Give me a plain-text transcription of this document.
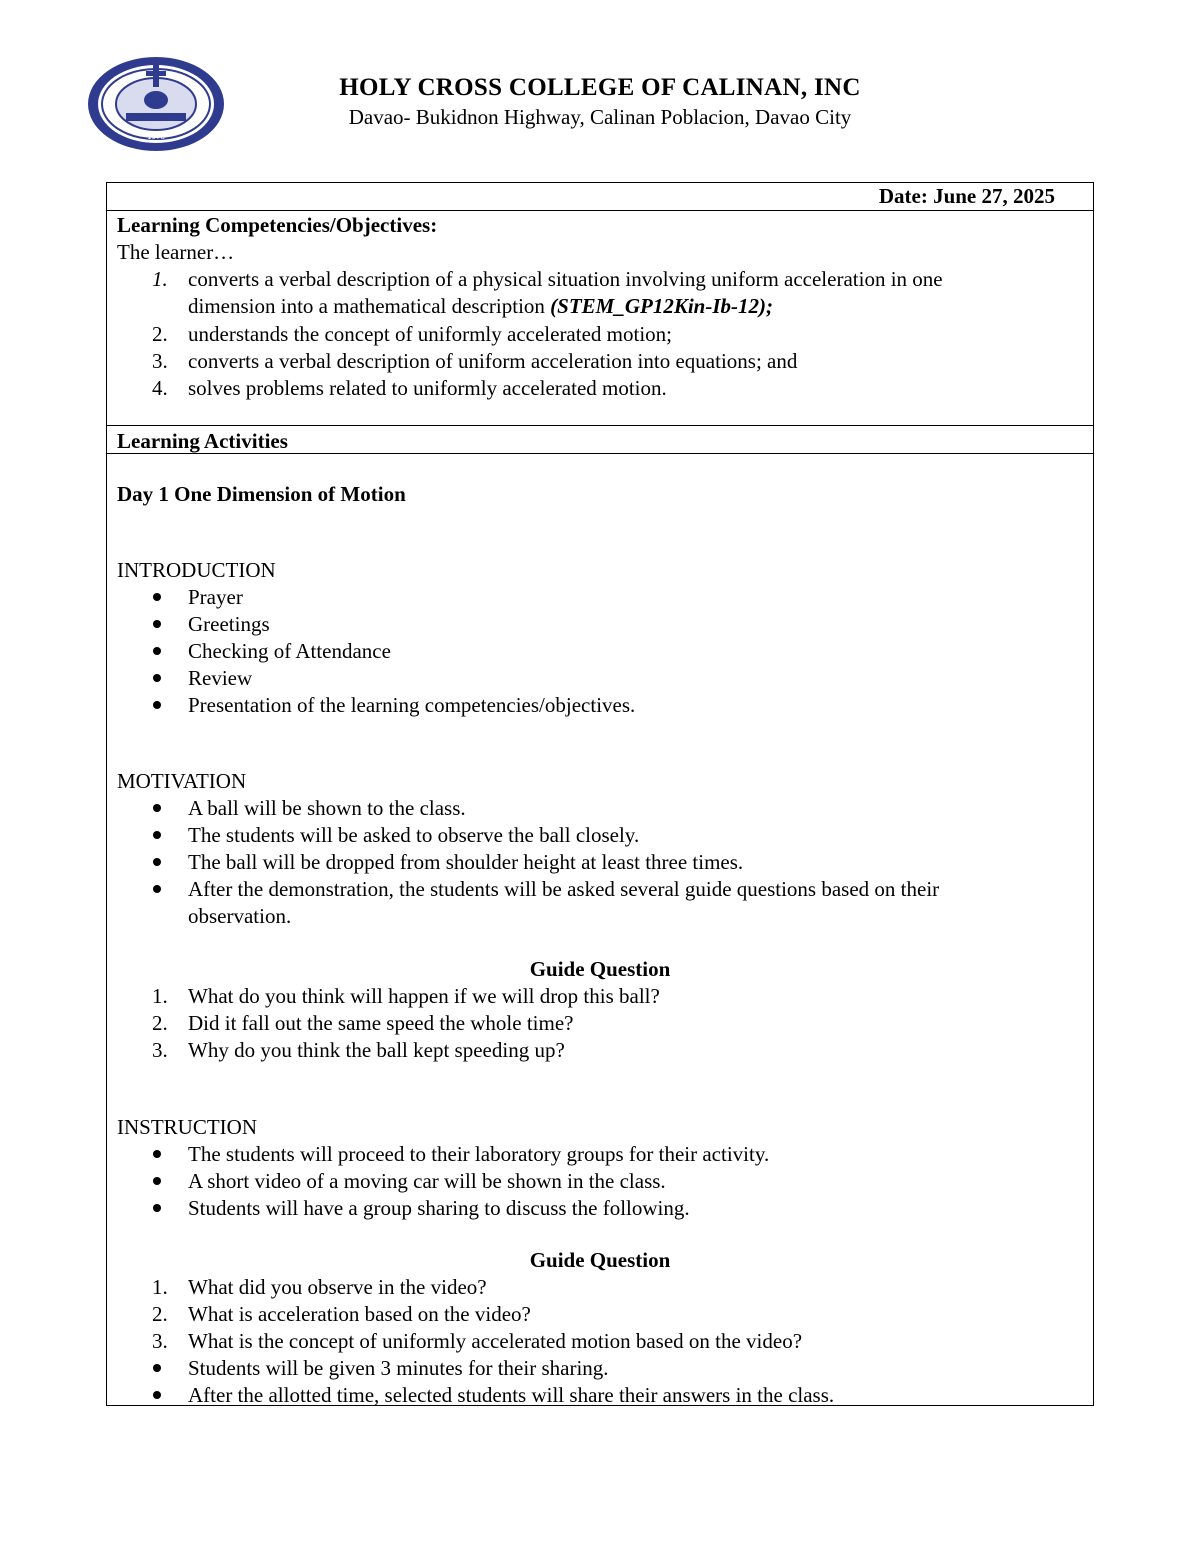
1978
HOLY CROSS COLLEGE OF CALINAN, INC
Davao- Bukidnon Highway, Calinan Poblacion, Davao City
Date: June 27, 2025
Learning Competencies/Objectives:
The learner…
1. converts a verbal description of a physical situation involving uniform acceleration in one
dimension into a mathematical description (STEM_GP12Kin-Ib-12);
2. understands the concept of uniformly accelerated motion;
3. converts a verbal description of uniform acceleration into equations; and
4. solves problems related to uniformly accelerated motion.
Learning Activities
Day 1 One Dimension of Motion
INTRODUCTION
Prayer
Greetings
Checking of Attendance
Review
Presentation of the learning competencies/objectives.
MOTIVATION
A ball will be shown to the class.
The students will be asked to observe the ball closely.
The ball will be dropped from shoulder height at least three times.
After the demonstration, the students will be asked several guide questions based on their
observation.
Guide Question
1. What do you think will happen if we will drop this ball?
2. Did it fall out the same speed the whole time?
3. Why do you think the ball kept speeding up?
INSTRUCTION
The students will proceed to their laboratory groups for their activity.
A short video of a moving car will be shown in the class.
Students will have a group sharing to discuss the following.
Guide Question
1. What did you observe in the video?
2. What is acceleration based on the video?
3. What is the concept of uniformly accelerated motion based on the video?
Students will be given 3 minutes for their sharing.
After the allotted time, selected students will share their answers in the class.
